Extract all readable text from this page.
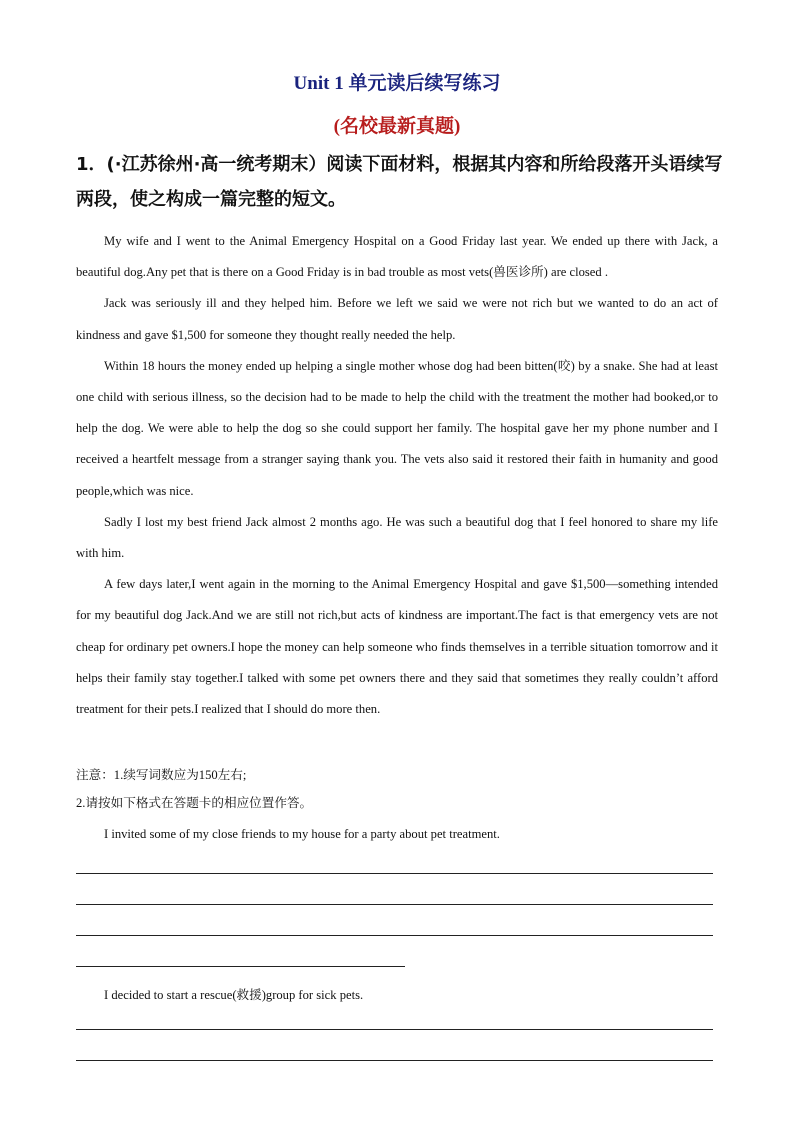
Unit 1 单元读后续写练习
(名校最新真题)
1．(·江苏徐州·高一统考期末）阅读下面材料，根据其内容和所给段落开头语续写两段，使之构成一篇完整的短文。

My wife and I went to the Animal Emergency Hospital on a Good Friday last year. We ended up there with Jack, a beautiful dog.Any pet that is there on a Good Friday is in bad trouble as most vets(兽医诊所) are closed .

Jack was seriously ill and they helped him. Before we left we said we were not rich but we wanted to do an act of kindness and gave $1,500 for someone they thought really needed the help.

Within 18 hours the money ended up helping a single mother whose dog had been bitten(咬) by a snake. She had at least one child with serious illness, so the decision had to be made to help the child with the treatment the mother had booked,or to help the dog. We were able to help the dog so she could support her family. The hospital gave her my phone number and I received a heartfelt message from a stranger saying thank you. The vets also said it restored their faith in humanity and good people,which was nice.

Sadly I lost my best friend Jack almost 2 months ago. He was such a beautiful dog that I feel honored to share my life with him.

A few days later,I went again in the morning to the Animal Emergency Hospital and gave $1,500—something intended for my beautiful dog Jack.And we are still not rich,but acts of kindness are important.The fact is that emergency vets are not cheap for ordinary pet owners.I hope the money can help someone who finds themselves in a terrible situation tomorrow and it helps their family stay together.I talked with some pet owners there and they said that sometimes they really couldn’t afford treatment for their pets.I realized that I should do more then.

注意：1.续写词数应为150左右;
2.请按如下格式在答题卡的相应位置作答。
I invited some of my close friends to my house for a party about pet treatment.
I decided to start a rescue(救援)group for sick pets.
